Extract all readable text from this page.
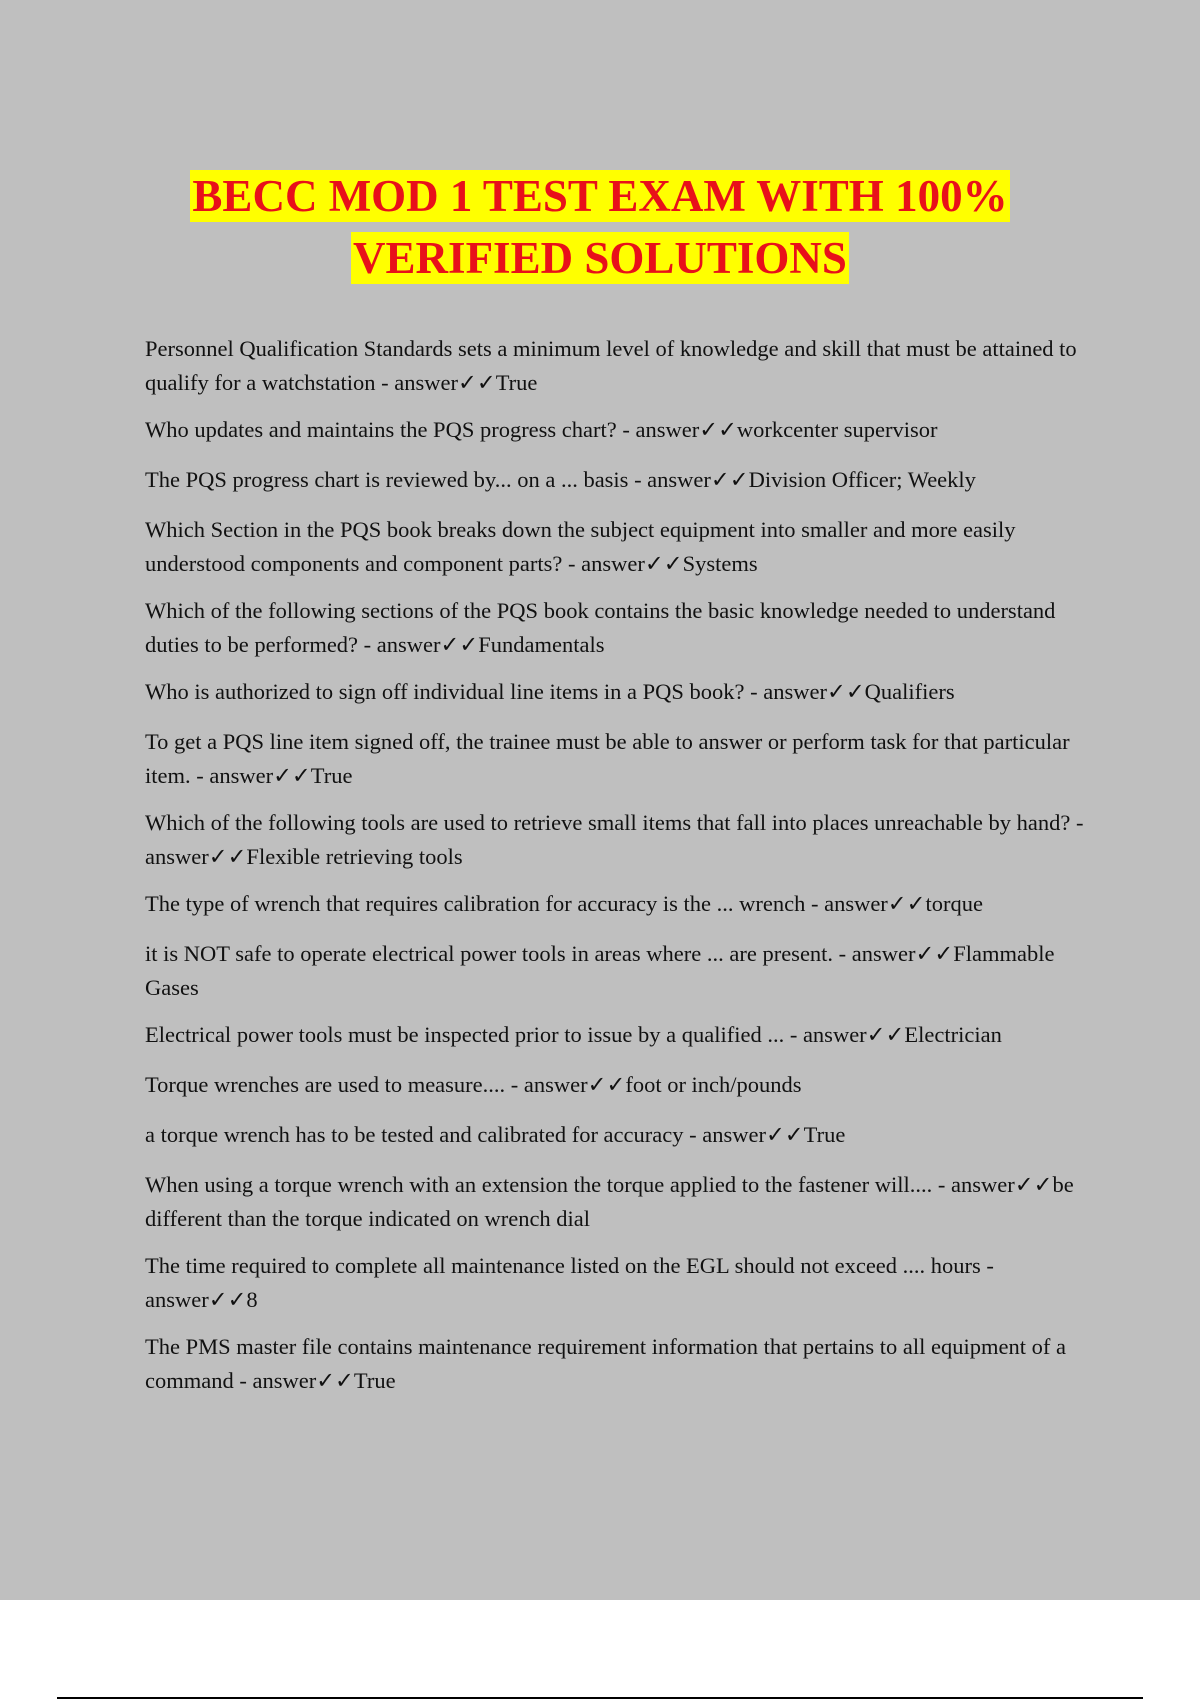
BECC MOD 1 TEST EXAM WITH 100%
VERIFIED SOLUTIONS
Personnel Qualification Standards sets a minimum level of knowledge and skill that must be attained to qualify for a watchstation - answer✓✓True
Who updates and maintains the PQS progress chart? - answer✓✓workcenter supervisor
The PQS progress chart is reviewed by... on a ... basis - answer✓✓Division Officer; Weekly
Which Section in the PQS book breaks down the subject equipment into smaller and more easily understood components and component parts? - answer✓✓Systems
Which of the following sections of the PQS book contains the basic knowledge needed to understand duties to be performed? - answer✓✓Fundamentals
Who is authorized to sign off individual line items in a PQS book? - answer✓✓Qualifiers
To get a PQS line item signed off, the trainee must be able to answer or perform task for that particular item. - answer✓✓True
Which of the following tools are used to retrieve small items that fall into places unreachable by hand? - answer✓✓Flexible retrieving tools
The type of wrench that requires calibration for accuracy is the ... wrench - answer✓✓torque
it is NOT safe to operate electrical power tools in areas where ... are present. - answer✓✓Flammable Gases
Electrical power tools must be inspected prior to issue by a qualified ... - answer✓✓Electrician
Torque wrenches are used to measure.... - answer✓✓foot or inch/pounds
a torque wrench has to be tested and calibrated for accuracy - answer✓✓True
When using a torque wrench with an extension the torque applied to the fastener will.... - answer✓✓be different than the torque indicated on wrench dial
The time required to complete all maintenance listed on the EGL should not exceed .... hours - answer✓✓8
The PMS master file contains maintenance requirement information that pertains to all equipment of a command - answer✓✓True
